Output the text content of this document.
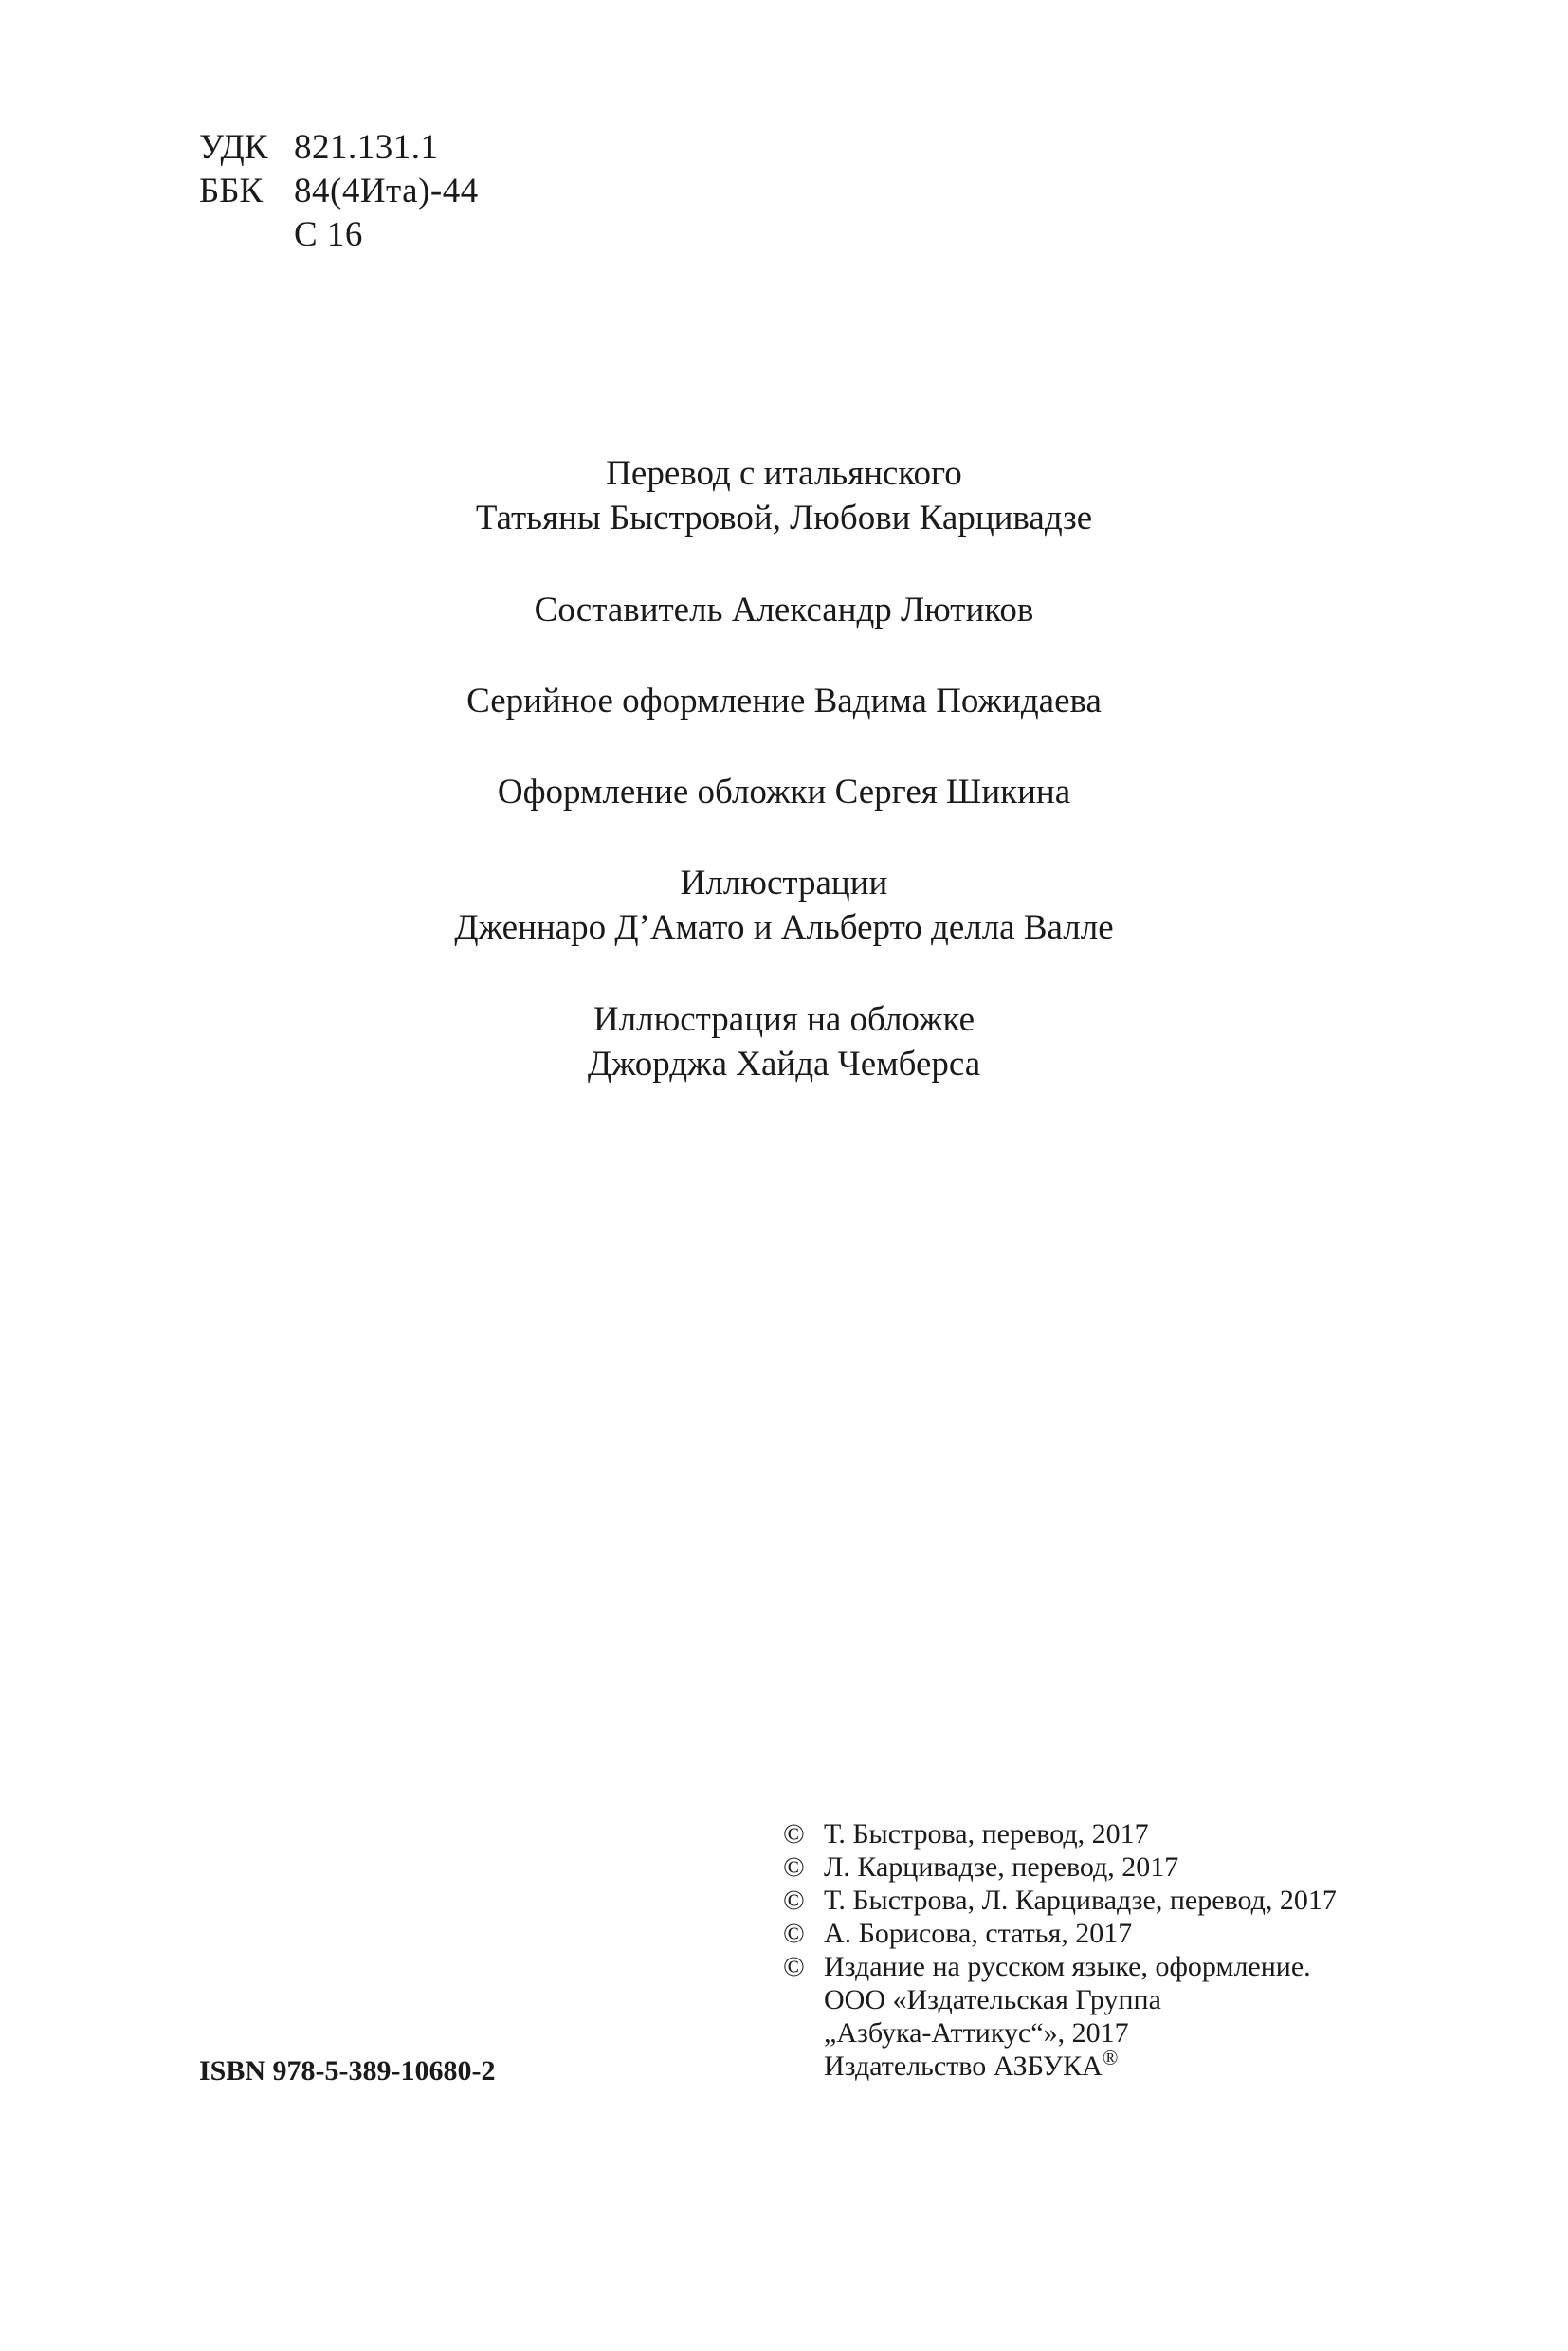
УДК 821.131.1
ББК 84(4Ита)-44
С 16
Перевод с итальянского
Татьяны Быстровой, Любови Карцивадзе
Составитель Александр Лютиков
Серийное оформление Вадима Пожидаева
Оформление обложки Сергея Шикина
Иллюстрации
Дженнаро Д’Амато и Альберто делла Валле
Иллюстрация на обложке
Джорджа Хайда Чемберса
© Т. Быстрова, перевод, 2017
© Л. Карцивадзе, перевод, 2017
© Т. Быстрова, Л. Карцивадзе, перевод, 2017
© А. Борисова, статья, 2017
© Издание на русском языке, оформление.
ООО «Издательская Группа
„Азбука-Аттикус“», 2017
Издательство АЗБУКА®
ISBN 978-5-389-10680-2
